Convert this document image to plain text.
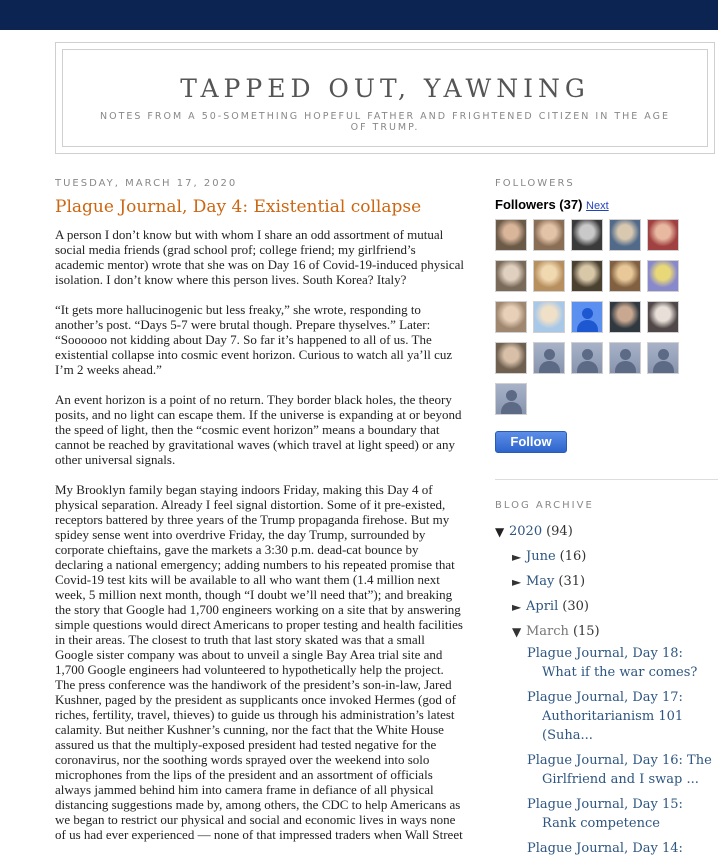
TAPPED OUT, YAWNING
NOTES FROM A 50-SOMETHING HOPEFUL FATHER AND FRIGHTENED CITIZEN IN THE AGE OF TRUMP.
TUESDAY, MARCH 17, 2020
Plague Journal, Day 4: Existential collapse

A person I don’t know but with whom I share an odd assortment of mutual social media friends (grad school prof; college friend; my girlfriend’s academic mentor) wrote that she was on Day 16 of Covid-19-induced physical isolation. I don’t know where this person lives. South Korea? Italy?

“It gets more hallucinogenic but less freaky,” she wrote, responding to another’s post. “Days 5-7 were brutal though. Prepare thyselves.” Later: “Soooooo not kidding about Day 7. So far it’s happened to all of us. The existential collapse into cosmic event horizon. Curious to watch all ya’ll cuz I’m 2 weeks ahead.”

An event horizon is a point of no return. They border black holes, the theory posits, and no light can escape them. If the universe is expanding at or beyond the speed of light, then the “cosmic event horizon” means a boundary that cannot be reached by gravitational waves (which travel at light speed) or any other universal signals.

My Brooklyn family began staying indoors Friday, making this Day 4 of physical separation. Already I feel signal distortion. Some of it pre-existed, receptors battered by three years of the Trump propaganda firehose. But my spidey sense went into overdrive Friday, the day Trump, surrounded by corporate chieftains, gave the markets a 3:30 p.m. dead-cat bounce by declaring a national emergency; adding numbers to his repeated promise that Covid-19 test kits will be available to all who want them (1.4 million next week, 5 million next month, though “I doubt we’ll need that”); and breaking the story that Google had 1,700 engineers working on a site that by answering simple questions would direct Americans to proper testing and health facilities in their areas. The closest to truth that last story skated was that a small Google sister company was about to unveil a single Bay Area trial site and 1,700 Google engineers had volunteered to hypothetically help the project. The press conference was the handiwork of the president’s son-in-law, Jared Kushner, paged by the president as supplicants once invoked Hermes (god of riches, fertility, travel, thieves) to guide us through his administration’s latest calamity. But neither Kushner’s cunning, nor the fact that the White House assured us that the multiply-exposed president had tested negative for the coronavirus, nor the soothing words sprayed over the weekend into solo microphones from the lips of the president and an assortment of officials always jammed behind him into camera frame in defiance of all physical distancing suggestions made by, among others, the CDC to help Americans as we began to restrict our physical and social and economic lives in ways none of us had ever experienced — none of that impressed traders when Wall Street

FOLLOWERS
Followers (37) Next
Follow
BLOG ARCHIVE
▼ 2020 (94)
► June (16)
► May (31)
► April (30)
▼ March (15)
Plague Journal, Day 18: What if the war comes?
Plague Journal, Day 17: Authoritarianism 101 (Suha...
Plague Journal, Day 16: The Girlfriend and I swap ...
Plague Journal, Day 15: Rank competence
Plague Journal, Day 14:
